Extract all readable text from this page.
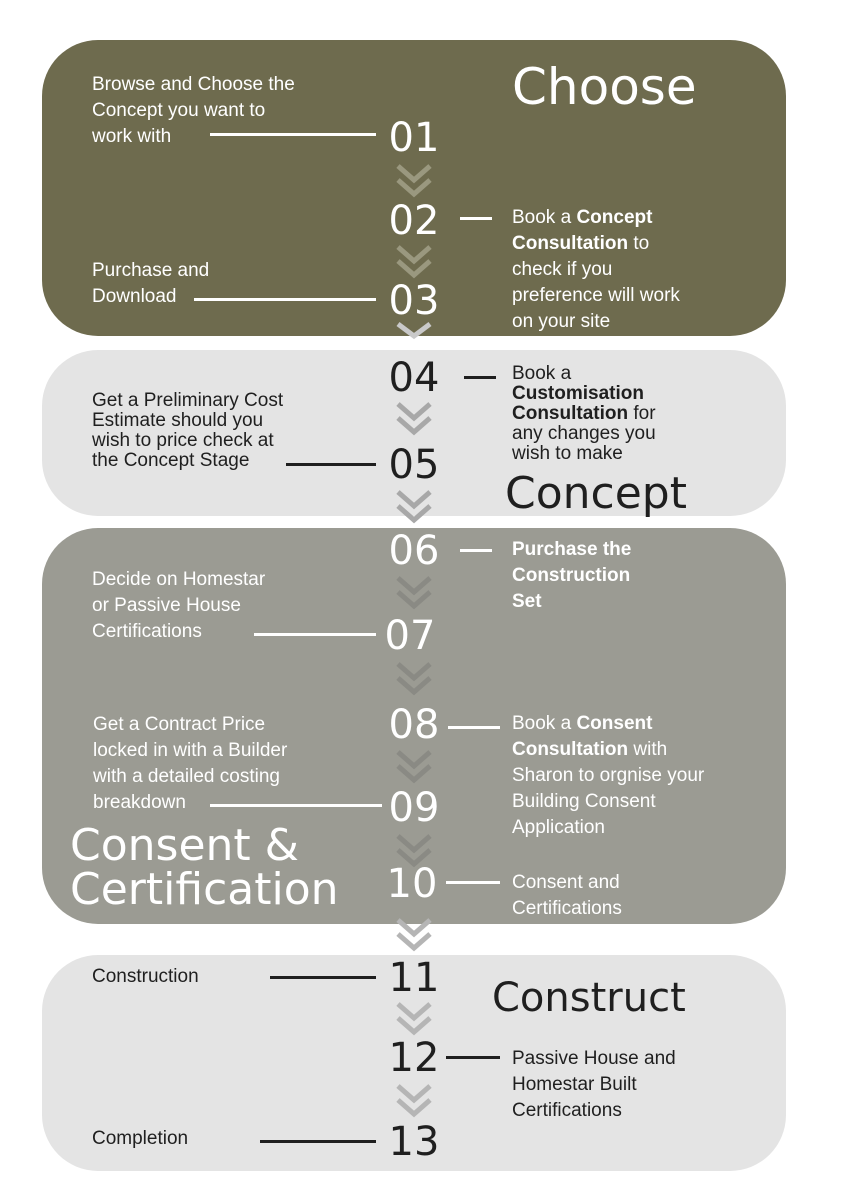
Choose
Concept
Consent &
Certification
Construct
01
02
03
04
05
06
07
08
09
10
11
12
13
Browse and Choose the
Concept you want to
work with
Book a Concept
Consultation to
check if you
preference will work
on your site
Purchase and
Download
Book a
Customisation
Consultation for
any changes you
wish to make
Get a Preliminary Cost
Estimate should you
wish to price check at
the Concept Stage
Purchase the
Construction
Set
Decide on Homestar
or Passive House
Certifications
Book a Consent
Consultation with
Sharon to orgnise your
Building Consent
Application
Get a Contract Price
locked in with a Builder
with a detailed costing
breakdown
Consent and
Certifications
Construction
Passive House and
Homestar Built
Certifications
Completion
